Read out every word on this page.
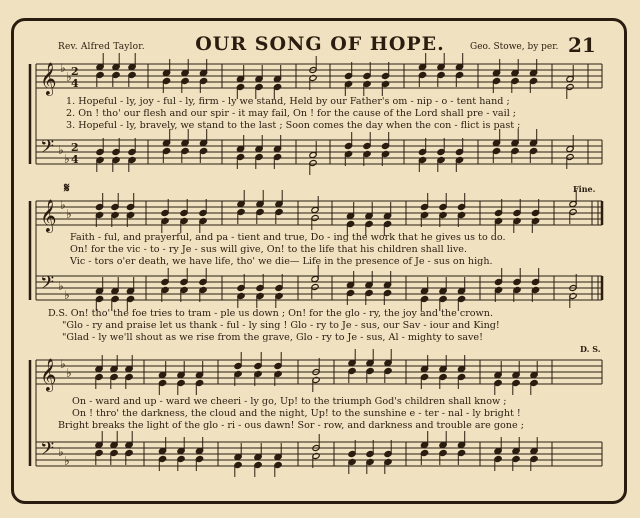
Rev. Alfred Taylor.	OUR SONG OF HOPE.	Geo. Stowe, by per. 21
1. Hopeful - ly, joy - ful - ly, firm - ly we stand, Held by our Father's om - nip - o - tent hand ;
2. On ! tho' our flesh and our spir - it may fail, On ! for the cause of the Lord shall pre - vail ;
3. Hopeful - ly, bravely, we stand to the last ; Soon comes the day when the con - flict is past ;
Fine.
Faith - ful, and prayerful, and pa - tient and true, Do - ing the work that he gives us to do.
On! for the vic - to - ry Je - sus will give, On! to the life that his children shall live.
Vic - tors o'er death, we have life, tho' we die— Life in the presence of Je - sus on high.
D.S. On! tho' the foe tries to tram - ple us down ; On! for the glo - ry, the joy and the crown.
"Glo - ry and praise let us thank - ful - ly sing ! Glo - ry to Je - sus, our Sav - iour and King!
"Glad - ly we'll shout as we rise from the grave, Glo - ry to Je - sus, Al - mighty to save!
D. S.
On - ward and up - ward we cheeri - ly go, Up! to the triumph God's children shall know ;
On ! thro' the darkness, the cloud and the night, Up! to the sunshine e - ter - nal - ly bright !
Bright breaks the light of the glo - ri - ous dawn! Sor - row, and darkness and trouble are gone ;
𝄞 ♭
♭ 2
4
𝄢 ♭
♭
2
4
𝄞 ♭
♭
𝄢 ♭
♭
𝄞 ♭
♭
𝄢 ♭
♭
𝄋
